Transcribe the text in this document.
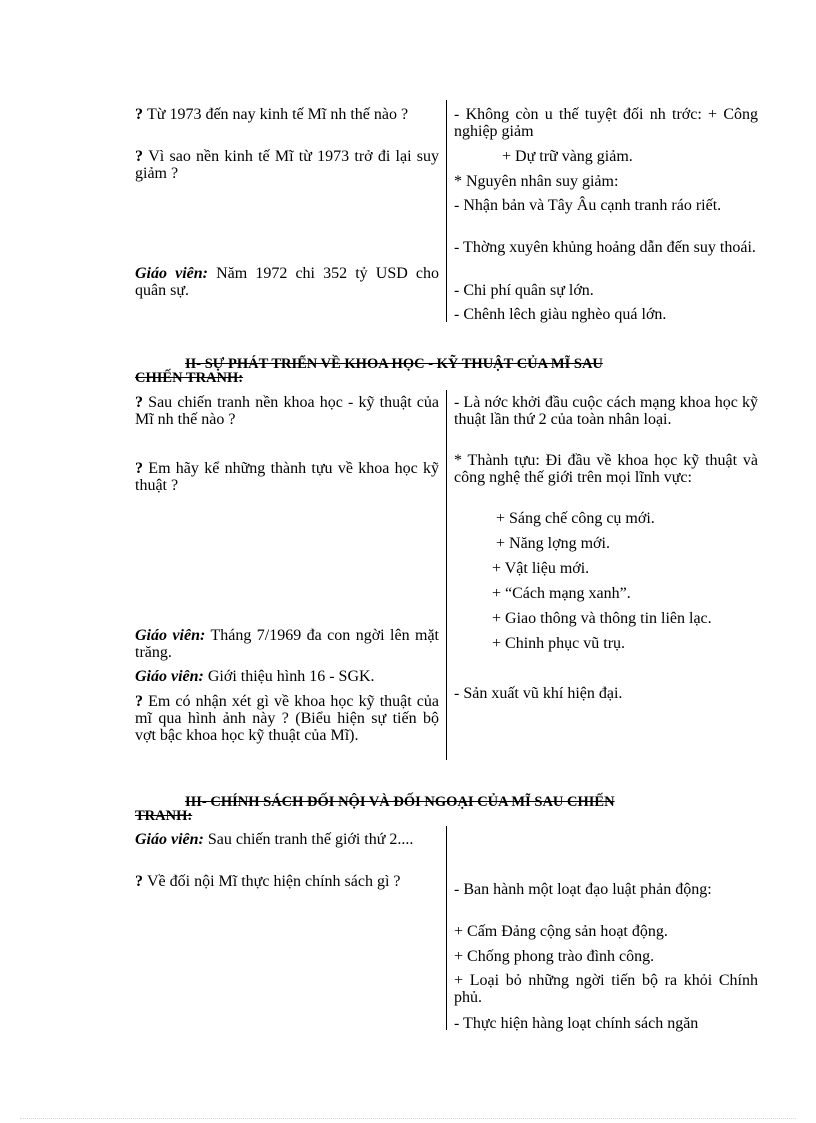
? Từ 1973 đến nay kinh tế Mĩ nh thế nào ?
? Vì sao nền kinh tế Mĩ từ 1973 trở đi lại suy giảm ?
Giáo viên: Năm 1972 chi 352 tỷ USD cho quân sự.
- Không còn u thế tuyệt đối nh trớc: + Công nghiệp giảm
+ Dự trữ vàng giảm.
* Nguyên nhân suy giảm:
- Nhận bản và Tây Âu cạnh tranh ráo riết.
- Thờng xuyên khủng hoảng dẫn đến suy thoái.
- Chi phí quân sự lớn.
- Chênh lêch giàu nghèo quá lớn.
II- SỰ PHÁT TRIỂN VỀ KHOA HỌC - KỸ THUẬT CỦA MĨ SAU
CHIẾN TRANH:
? Sau chiến tranh nền khoa học - kỹ thuật của Mĩ nh thế nào ?
? Em hãy kể những thành tựu về khoa học kỹ thuật ?
Giáo viên: Tháng 7/1969 đa con ngời lên mặt trăng.
Giáo viên: Giới thiệu hình 16 - SGK.
? Em có nhận xét gì về khoa học kỹ thuật của mĩ qua hình ảnh này ? (Biểu hiện sự tiến bộ vợt bậc khoa học kỹ thuật của Mĩ).
- Là nớc khởi đầu cuộc cách mạng khoa học kỹ thuật lần thứ 2 của toàn nhân loại.
* Thành tựu: Đi đầu về khoa học kỹ thuật và công nghệ thế giới trên mọi lĩnh vực:
+ Sáng chế công cụ mới.
+ Năng lợng mới.
+ Vật liệu mới.
+ “Cách mạng xanh”.
+ Giao thông và thông tin liên lạc.
+ Chinh phục vũ trụ.
- Sản xuất vũ khí hiện đại.
III- CHÍNH SÁCH ĐỐI NỘI VÀ ĐỐI NGOẠI CỦA MĨ SAU CHIẾN
TRANH:
Giáo viên: Sau chiến tranh thế giới thứ 2....
? Về đối nội Mĩ thực hiện chính sách gì ?	- Ban hành một loạt đạo luật phản động:
+ Cấm Đảng cộng sản hoạt động.
+ Chống phong trào đình công.
+ Loại bỏ những ngời tiến bộ ra khỏi Chính phủ.
- Thực hiện hàng loạt chính sách ngăn
